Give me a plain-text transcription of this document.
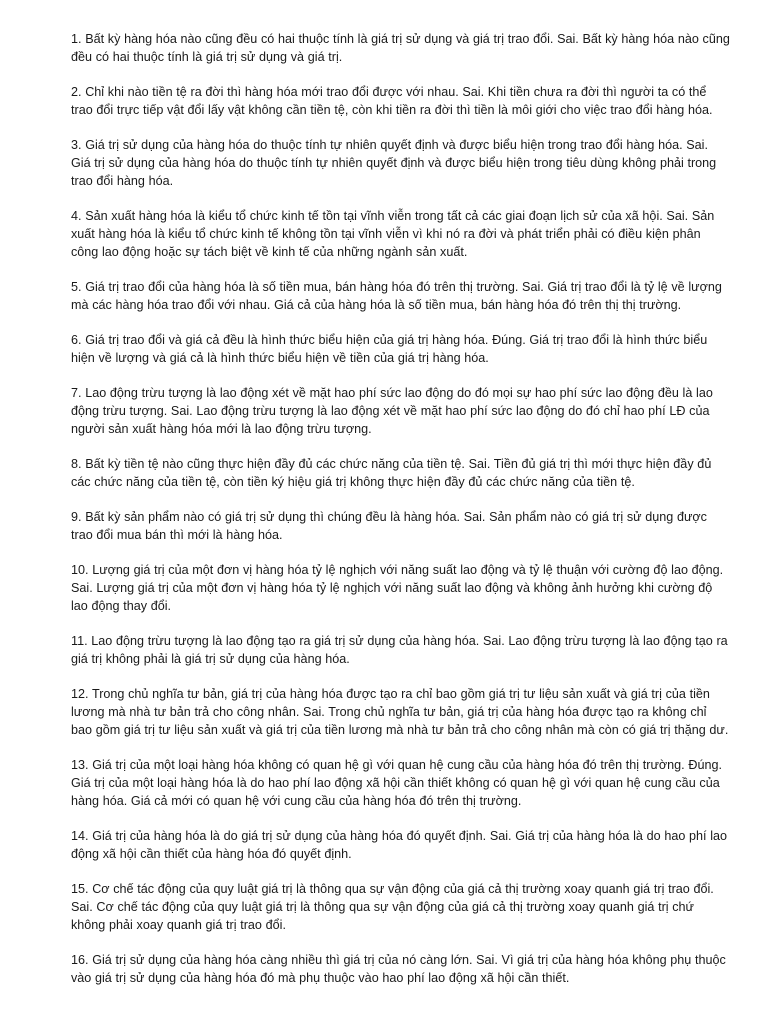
1. Bất kỳ hàng hóa nào cũng đều có hai thuộc tính là giá trị sử dụng và giá trị trao đổi. Sai. Bất kỳ hàng hóa nào cũng đều có hai thuộc tính là giá trị sử dụng và giá trị.

2. Chỉ khi nào tiền tệ ra đời thì hàng hóa mới trao đổi được với nhau. Sai. Khi tiền chưa ra đời thì người ta có thể trao đổi trực tiếp vật đổi lấy vật không cần tiền tệ, còn khi tiền ra đời thì tiền là môi giới cho việc trao đổi hàng hóa.

3. Giá trị sử dụng của hàng hóa do thuộc tính tự nhiên quyết định và được biểu hiện trong trao đổi hàng hóa. Sai. Giá trị sử dụng của hàng hóa do thuộc tính tự nhiên quyết định và được biểu hiện trong tiêu dùng không phải trong trao đổi hàng hóa.

4. Sản xuất hàng hóa là kiểu tổ chức kinh tế tồn tại vĩnh viễn trong tất cả các giai đoạn lịch sử của xã hội. Sai. Sản xuất hàng hóa là kiểu tổ chức kinh tế không tồn tại vĩnh viễn vì khi nó ra đời và phát triển phải có điều kiện phân công lao động hoặc sự tách biệt về kinh tế của những ngành sản xuất.

5. Giá trị trao đổi của hàng hóa là số tiền mua, bán hàng hóa đó trên thị trường. Sai. Giá trị trao đổi là tỷ lệ về lượng mà các hàng hóa trao đổi với nhau. Giá cả của hàng hóa là số tiền mua, bán hàng hóa đó trên thị thị trường.

6. Giá trị trao đổi và giá cả đều là hình thức biểu hiện của giá trị hàng hóa. Đúng. Giá trị trao đổi là hình thức biểu hiện về lượng và giá cả là hình thức biểu hiện về tiền của giá trị hàng hóa.

7. Lao động trừu tượng là lao động xét về mặt hao phí sức lao động do đó mọi sự hao phí sức lao động đều là lao động trừu tượng. Sai. Lao động trừu tượng là lao động xét về mặt hao phí sức lao động do đó chỉ hao phí LĐ của người sản xuất hàng hóa mới là lao động trừu tượng.

8. Bất kỳ tiền tệ nào cũng thực hiện đầy đủ các chức năng của tiền tệ. Sai. Tiền đủ giá trị thì mới thực hiện đầy đủ các chức năng của tiền tệ, còn tiền ký hiệu giá trị không thực hiện đầy đủ các chức năng của tiền tệ.

9. Bất kỳ sản phẩm nào có giá trị sử dụng thì chúng đều là hàng hóa. Sai. Sản phẩm nào có giá trị sử dụng được trao đổi mua bán thì mới là hàng hóa.

10. Lượng giá trị của một đơn vị hàng hóa tỷ lệ nghịch với năng suất lao động và tỷ lệ thuận với cường độ lao động. Sai. Lượng giá trị của một đơn vị hàng hóa tỷ lệ nghịch với năng suất lao động và không ảnh hưởng khi cường độ lao động thay đổi.

11. Lao động trừu tượng là lao động tạo ra giá trị sử dụng của hàng hóa. Sai. Lao động trừu tượng là lao động tạo ra giá trị không phải là giá trị sử dụng của hàng hóa.

12. Trong chủ nghĩa tư bản, giá trị của hàng hóa được tạo ra chỉ bao gồm giá trị tư liệu sản xuất và giá trị của tiền lương mà nhà tư bản trả cho công nhân. Sai. Trong chủ nghĩa tư bản, giá trị của hàng hóa được tạo ra không chỉ bao gồm giá trị tư liệu sản xuất và giá trị của tiền lương mà nhà tư bản trả cho công nhân mà còn có giá trị thặng dư.

13. Giá trị của một loại hàng hóa không có quan hệ gì với quan hệ cung cầu của hàng hóa đó trên thị trường. Đúng. Giá trị của một loại hàng hóa là do hao phí lao động xã hội cần thiết không có quan hệ gì với quan hệ cung cầu của hàng hóa. Giá cả mới có quan hệ với cung cầu của hàng hóa đó trên thị trường.

14. Giá trị của hàng hóa là do giá trị sử dụng của hàng hóa đó quyết định. Sai. Giá trị của hàng hóa là do hao phí lao động xã hội cần thiết của hàng hóa đó quyết định.

15. Cơ chế tác động của quy luật giá trị là thông qua sự vận động của giá cả thị trường xoay quanh giá trị trao đổi. Sai. Cơ chế tác động của quy luật giá trị là thông qua sự vận động của giá cả thị trường xoay quanh giá trị chứ không phải xoay quanh giá trị trao đổi.

16. Giá trị sử dụng của hàng hóa càng nhiều thì giá trị của nó càng lớn. Sai. Vì giá trị của hàng hóa không phụ thuộc vào giá trị sử dụng của hàng hóa đó mà phụ thuộc vào hao phí lao động xã hội cần thiết.
